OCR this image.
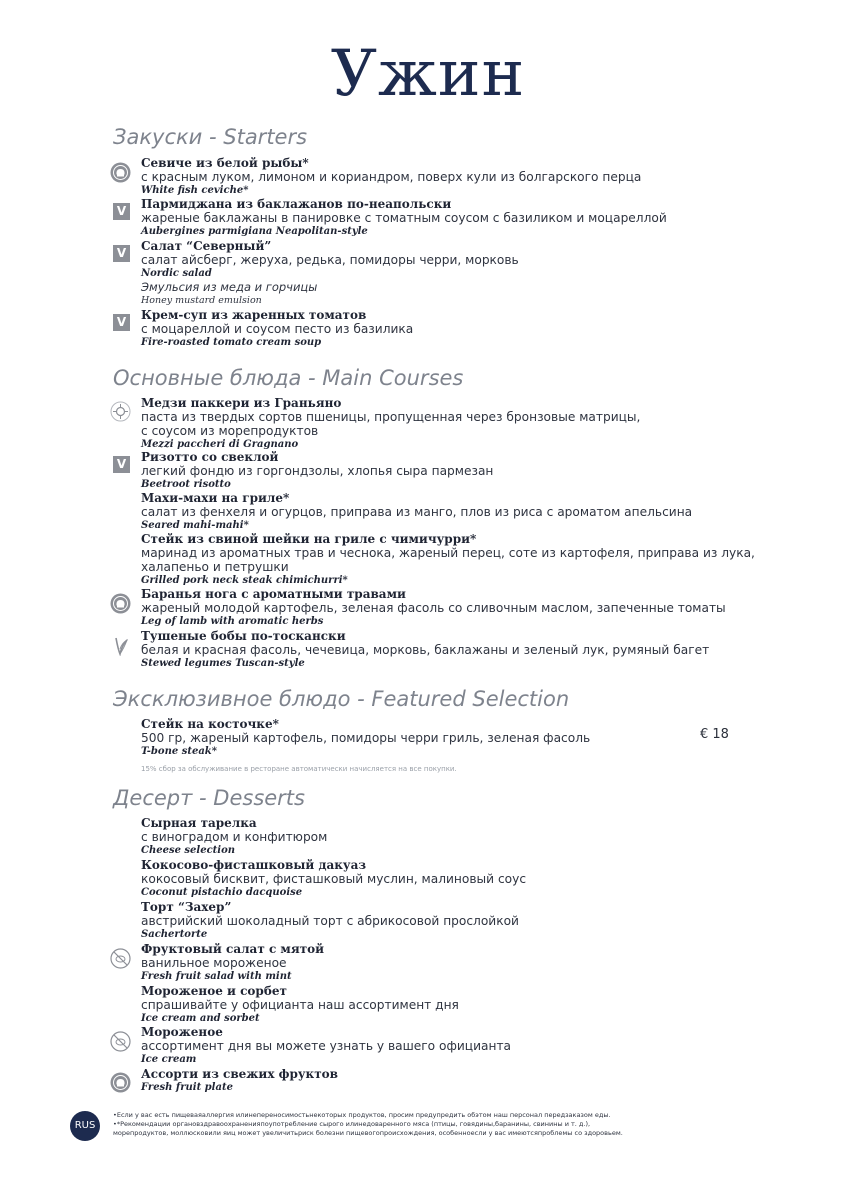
Ужин
Закуски - Starters
Севиче из белой рыбы*
с красным луком, лимоном и кориандром, поверх кули из болгарского перца
White fish ceviche*
V	Пармиджана из баклажанов по-неапольски
жареные баклажаны в панировке с томатным соусом с базиликом и моцареллой
Aubergines parmigiana Neapolitan-style
V	Салат “Северный”
салат айсберг, жеруха, редька, помидоры черри, морковь
Nordic salad
Эмульсия из меда и горчицы
Honey mustard emulsion
V	Крем-суп из жаренных томатов
с моцареллой и соусом песто из базилика
Fire-roasted tomato cream soup
Основные блюда - Main Courses
Медзи паккери из Граньяно
паста из твердых сортов пшеницы, пропущенная через бронзовые матрицы,
с соусом из морепродуктов
Mezzi paccheri di Gragnano
V	Ризотто со свеклой
легкий фондю из горгондзолы, хлопья сыра пармезан
Beetroot risotto
Махи-махи на гриле*
салат из фенхеля и огурцов, приправа из манго, плов из риса с ароматом апельсина
Seared mahi-mahi*
Стейк из свиной шейки на гриле с чимичурри*
маринад из ароматных трав и чеснока, жареный перец, соте из картофеля, приправа из лука,
халапеньо и петрушки
Grilled pork neck steak chimichurri*
Баранья нога с ароматными травами
жареный молодой картофель, зеленая фасоль со сливочным маслом, запеченные томаты
Leg of lamb with aromatic herbs
Тушеные бобы по-тоскански
белая и красная фасоль, чечевица, морковь, баклажаны и зеленый лук, румяный багет
Stewed legumes Tuscan-style
Эксклюзивное блюдо - Featured Selection
Стейк на косточке*
500 гр, жареный картофель, помидоры черри гриль, зеленая фасоль
T-bone steak*
€ 18
15% сбор за обслуживание в ресторане автоматически начисляется на все покупки.
Десерт - Desserts
Сырная тарелка
с виноградом и конфитюром
Cheese selection
Кокосово-фисташковый дакуаз
кокосовый бисквит, фисташковый муслин, малиновый соус
Coconut pistachio dacquoise
Торт “Захер”
австрийский шоколадный торт с абрикосовой прослойкой
Sachertorte
Фруктовый салат с мятой
ванильное мороженое
Fresh fruit salad with mint
Мороженое и сорбет
спрашивайте у официанта наш ассортимент дня
Ice cream and sorbet
Мороженое
ассортимент дня вы можете узнать у вашего официанта
Ice cream
Ассорти из свежих фруктов
Fresh fruit plate
RUS
•Если у вас есть пищеваяаллергия илинепереносимостьнекоторых продуктов, просим предупредить обэтом наш персонал передзаказом еды.
•*Рекомендации органовздравоохраненияпоупотребление сырого илинедоваренного мяса (птицы, говядины,баранины, свинины и т. д.),
морепродуктов, моллюсковили яиц может увеличитьриск болезни пищевогопроисхождения, особенноесли у вас имеютсяпроблемы со здоровьем.
